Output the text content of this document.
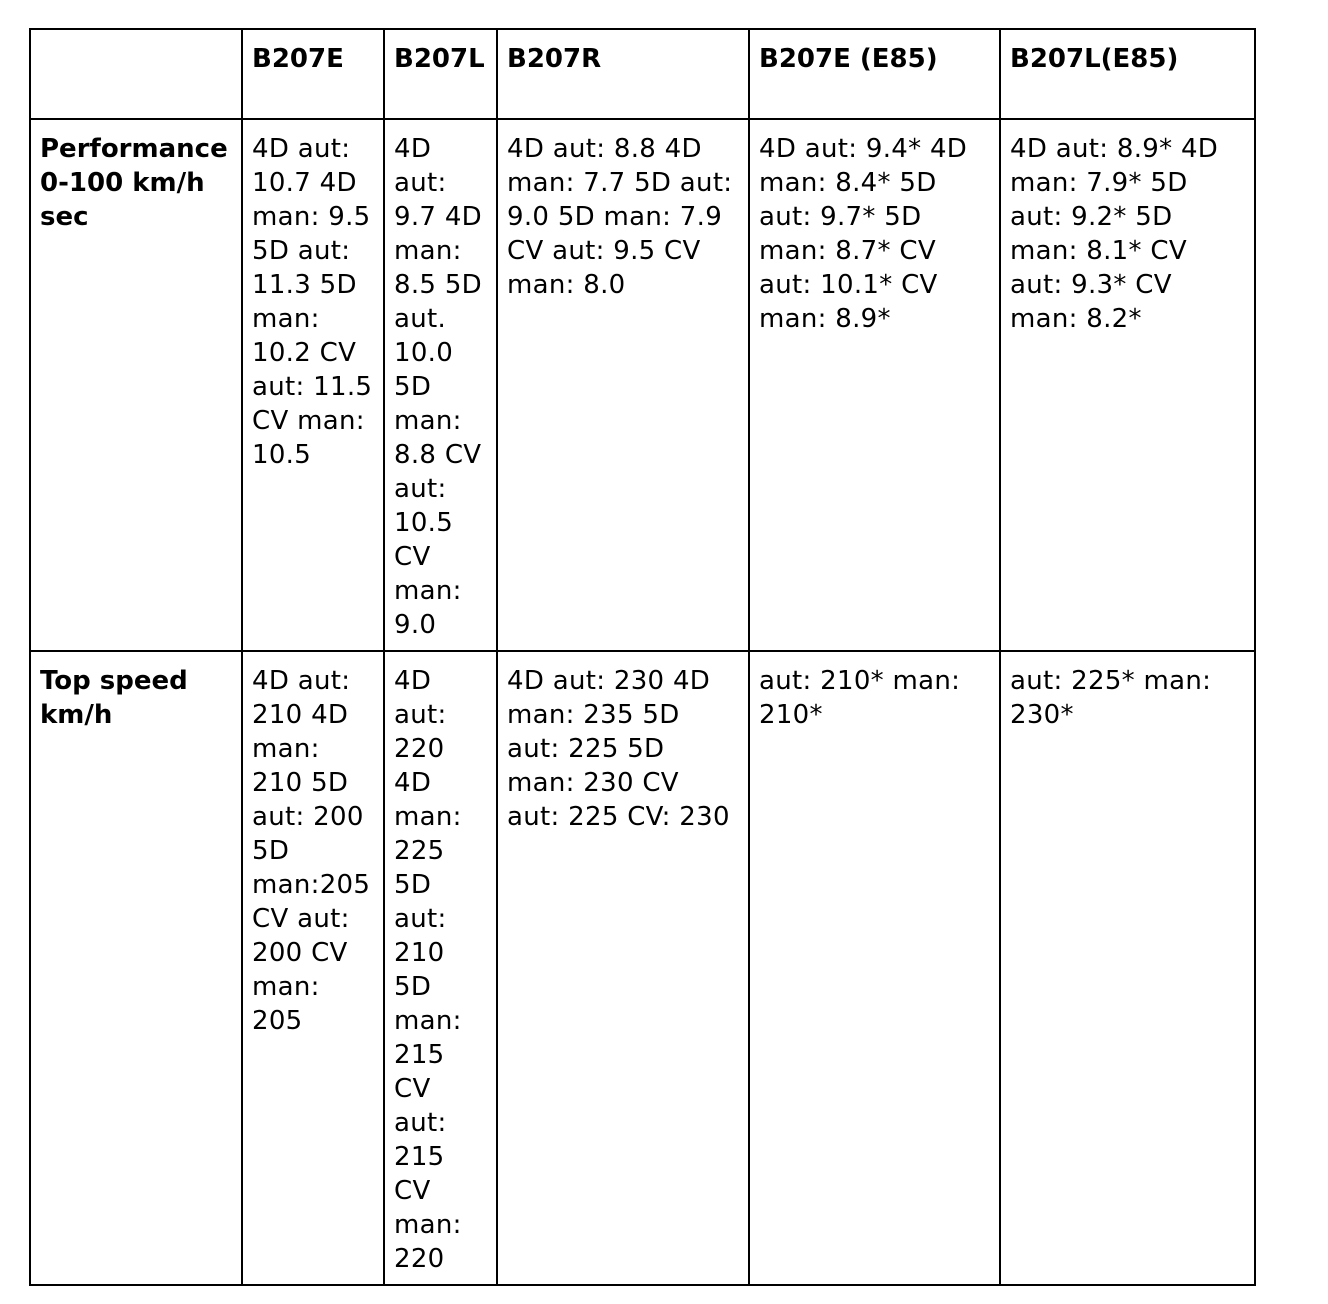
	B207E	B207L	B207R	B207E (E85)	B207L(E85)
Performance 0-100 km/h sec	4D aut: 10.7 4D man: 9.5 5D aut: 11.3 5D man: 10.2 CV aut: 11.5 CV man: 10.5	4D aut: 9.7 4D man: 8.5 5D aut. 10.0 5D man: 8.8 CV aut: 10.5 CV man: 9.0	4D aut: 8.8 4D man: 7.7 5D aut: 9.0 5D man: 7.9 CV aut: 9.5 CV man: 8.0	4D aut: 9.4* 4D man: 8.4* 5D aut: 9.7* 5D man: 8.7* CV aut: 10.1* CV man: 8.9*	4D aut: 8.9* 4D man: 7.9* 5D aut: 9.2* 5D man: 8.1* CV aut: 9.3* CV man: 8.2*
Top speed km/h	4D aut: 210 4D man: 210 5D aut: 200 5D man:205 CV aut: 200 CV man: 205	4D aut: 220 4D man: 225 5D aut: 210 5D man: 215 CV aut: 215 CV man: 220	4D aut: 230 4D man: 235 5D aut: 225 5D man: 230 CV aut: 225 CV: 230	aut: 210* man: 210*	aut: 225* man: 230*
